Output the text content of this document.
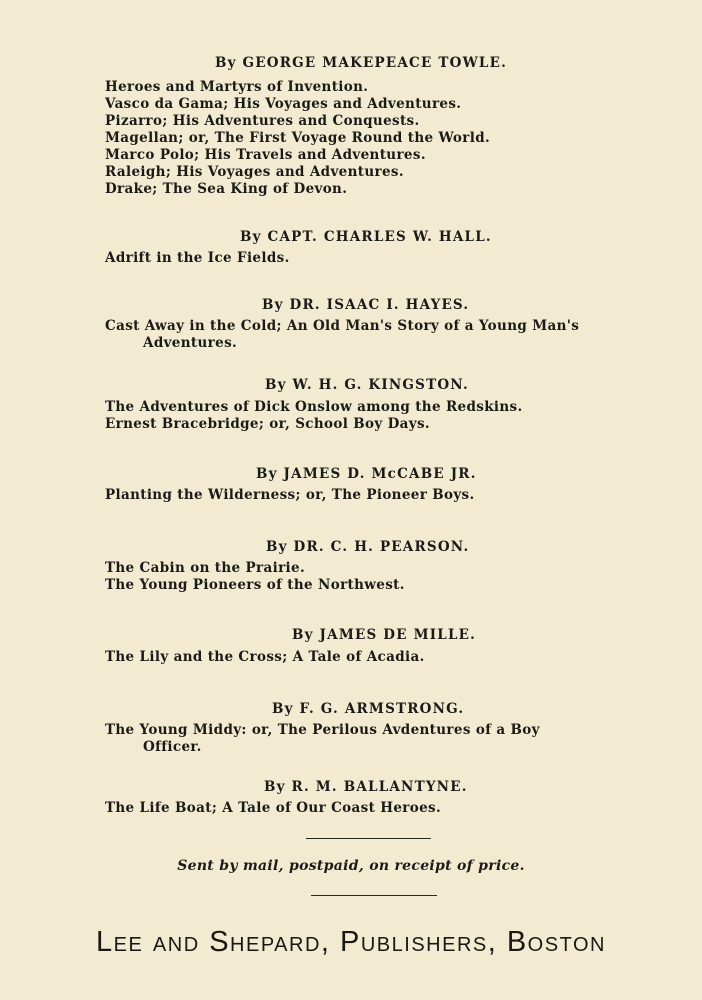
By GEORGE MAKEPEACE TOWLE.
Heroes and Martyrs of Invention.
Vasco da Gama; His Voyages and Adventures.
Pizarro; His Adventures and Conquests.
Magellan; or, The First Voyage Round the World.
Marco Polo; His Travels and Adventures.
Raleigh; His Voyages and Adventures.
Drake; The Sea King of Devon.
By CAPT. CHARLES W. HALL.
Adrift in the Ice Fields.
By DR. ISAAC I. HAYES.
Cast Away in the Cold; An Old Man's Story of a Young Man's
Adventures.
By W. H. G. KINGSTON.
The Adventures of Dick Onslow among the Redskins.
Ernest Bracebridge; or, School Boy Days.
By JAMES D. McCABE JR.
Planting the Wilderness; or, The Pioneer Boys.
By DR. C. H. PEARSON.
The Cabin on the Prairie.
The Young Pioneers of the Northwest.
By JAMES DE MILLE.
The Lily and the Cross; A Tale of Acadia.
By F. G. ARMSTRONG.
The Young Middy: or, The Perilous Avdentures of a Boy
Officer.
By R. M. BALLANTYNE.
The Life Boat; A Tale of Our Coast Heroes.
Sent by mail, postpaid, on receipt of price.
Lee and Shepard, Publishers, Boston
